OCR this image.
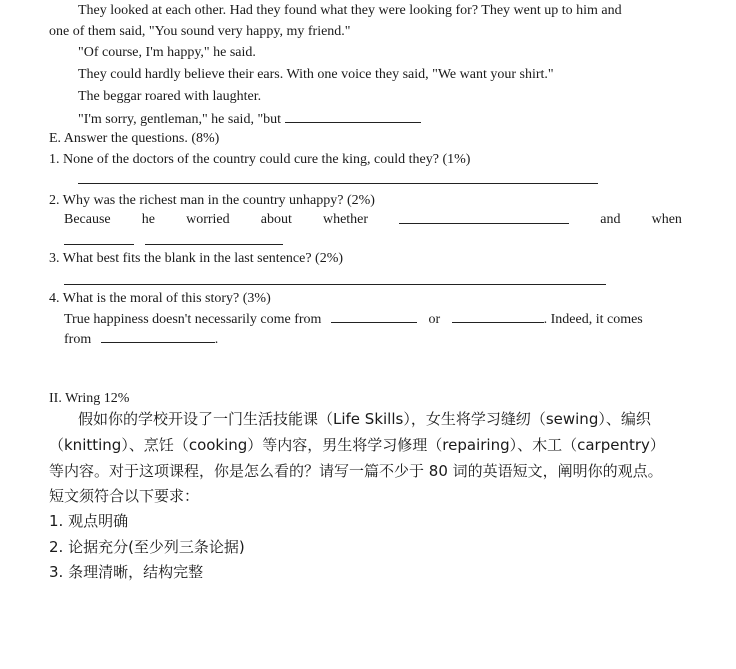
They looked at each other. Had they found what they were looking for? They went up to him and
one of them said, "You sound very happy, my friend."
"Of course, I'm happy," he said.
They could hardly believe their ears. With one voice they said, "We want your shirt."
The beggar roared with laughter.
"I'm sorry, gentleman," he said, "but
E. Answer the questions. (8%)
1. None of the doctors of the country could cure the king, could they? (1%)
2. Why was the richest man in the country unhappy? (2%)
Because he worried about whether	and when
3. What best fits the blank in the last sentence? (2%)
4. What is the moral of this story? (3%)
True happiness doesn't necessarily come from	or	. Indeed, it comes
from	.
II. Wring 12%
假如你的学校开设了一门生活技能课（Life Skills），女生将学习缝纫（sewing）、编织
（knitting）、烹饪（cooking）等内容，男生将学习修理（repairing）、木工（carpentry）
等内容。对于这项课程，你是怎么看的？请写一篇不少于 80 词的英语短文，阐明你的观点。
短文须符合以下要求：
1. 观点明确
2. 论据充分(至少列三条论据)
3. 条理清晰，结构完整
